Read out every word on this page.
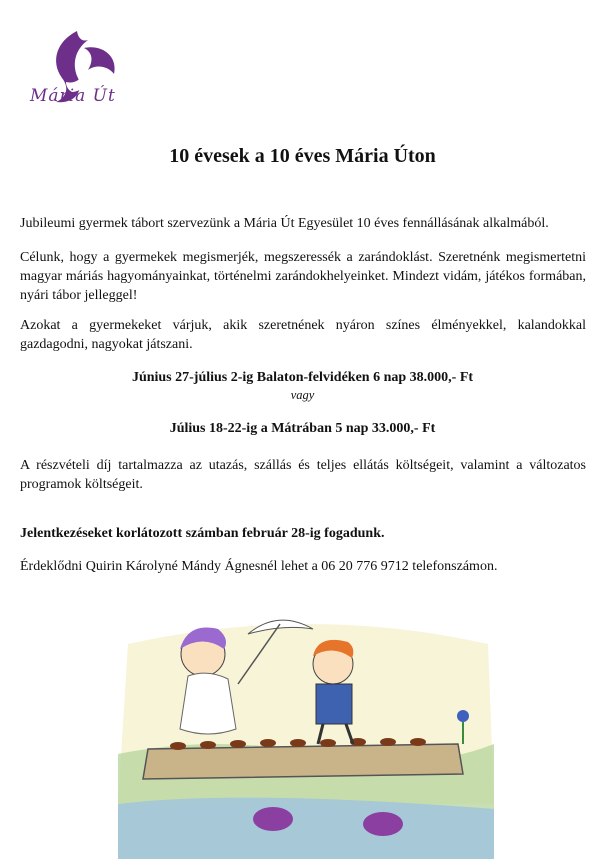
Mária Út
10 évesek a 10 éves Mária Úton

Jubileumi gyermek tábort szervezünk a Mária Út Egyesület 10 éves fennállásának alkalmából.

Célunk, hogy a gyermekek megismerjék, megszeressék a zarándoklást. Szeretnénk megismertetni magyar máriás hagyományainkat, történelmi zarándokhelyeinket. Mindezt vidám, játékos formában, nyári tábor jelleggel!

Azokat a gyermekeket várjuk, akik szeretnének nyáron színes élményekkel, kalandokkal gazdagodni, nagyokat játszani.

Június 27-július 2-ig Balaton-felvidéken 6 nap 38.000,- Ft

vagy

Július 18-22-ig a Mátrában 5 nap 33.000,- Ft

A részvételi díj tartalmazza az utazás, szállás és teljes ellátás költségeit, valamint a változatos programok költségeit.

Jelentkezéseket korlátozott számban február 28-ig fogadunk.

Érdeklődni Quirin Károlyné Mándy Ágnesnél lehet a 06 20 776 9712 telefonszámon.
